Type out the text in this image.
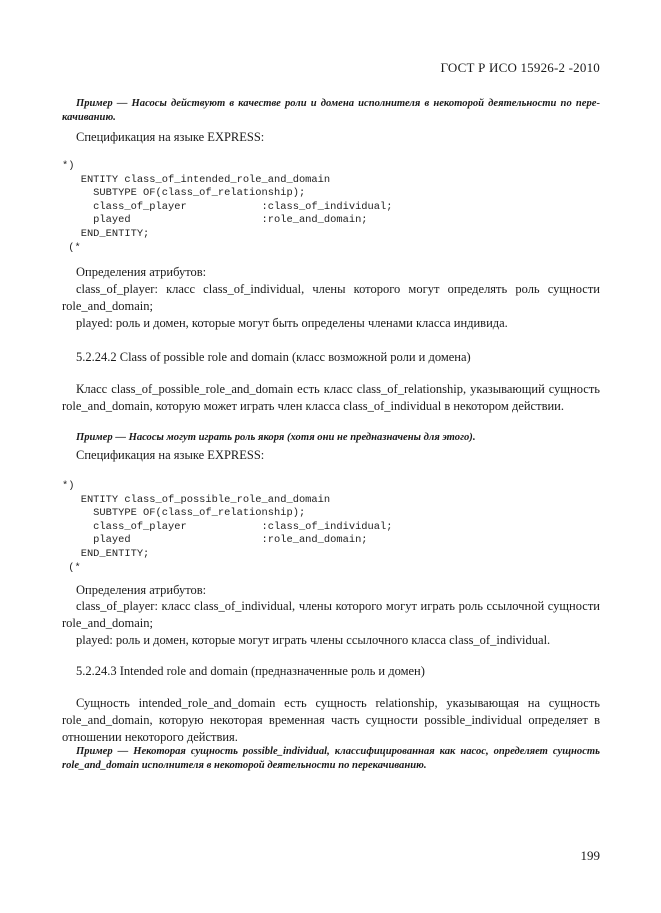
ГОСТ Р ИСО 15926-2 -2010

Пример — Насосы действуют в качестве роли и домена исполнителя в некоторой деятельности по пере-качиванию.

Спецификация на языке EXPRESS:

*)
ENTITY class_of_intended_role_and_domain
SUBTYPE OF(class_of_relationship);
class_of_player            :class_of_individual;
played                     :role_and_domain;
END_ENTITY;
(*

Определения атрибутов:

class_of_player: класс class_of_individual, члены которого могут определять роль сущности role_and_domain;

played: роль и домен, которые могут быть определены членами класса индивида.

5.2.24.2 Class of possible role and domain (класс возможной роли и домена)

Класс class_of_possible_role_and_domain есть класс class_of_relationship, указывающий сущность role_and_domain, которую может играть член класса class_of_individual в некотором действии.

Пример — Насосы могут играть роль якоря (хотя они не предназначены для этого).

Спецификация на языке EXPRESS:

*)
ENTITY class_of_possible_role_and_domain
SUBTYPE OF(class_of_relationship);
class_of_player            :class_of_individual;
played                     :role_and_domain;
END_ENTITY;
(*

Определения атрибутов:

class_of_player: класс class_of_individual, члены которого могут играть роль ссылочной сущности role_and_domain;

played: роль и домен, которые могут играть члены ссылочного класса class_of_individual.

5.2.24.3 Intended role and domain (предназначенные роль и домен)

Сущность intended_role_and_domain есть сущность relationship, указывающая на сущность role_and_domain, которую некоторая временная часть сущности possible_individual определяет в отношении некоторого действия.

Пример — Некоторая сущность possible_individual, классифицированная как насос, определяет сущность role_and_domain исполнителя в некоторой деятельности по перекачиванию.

199
